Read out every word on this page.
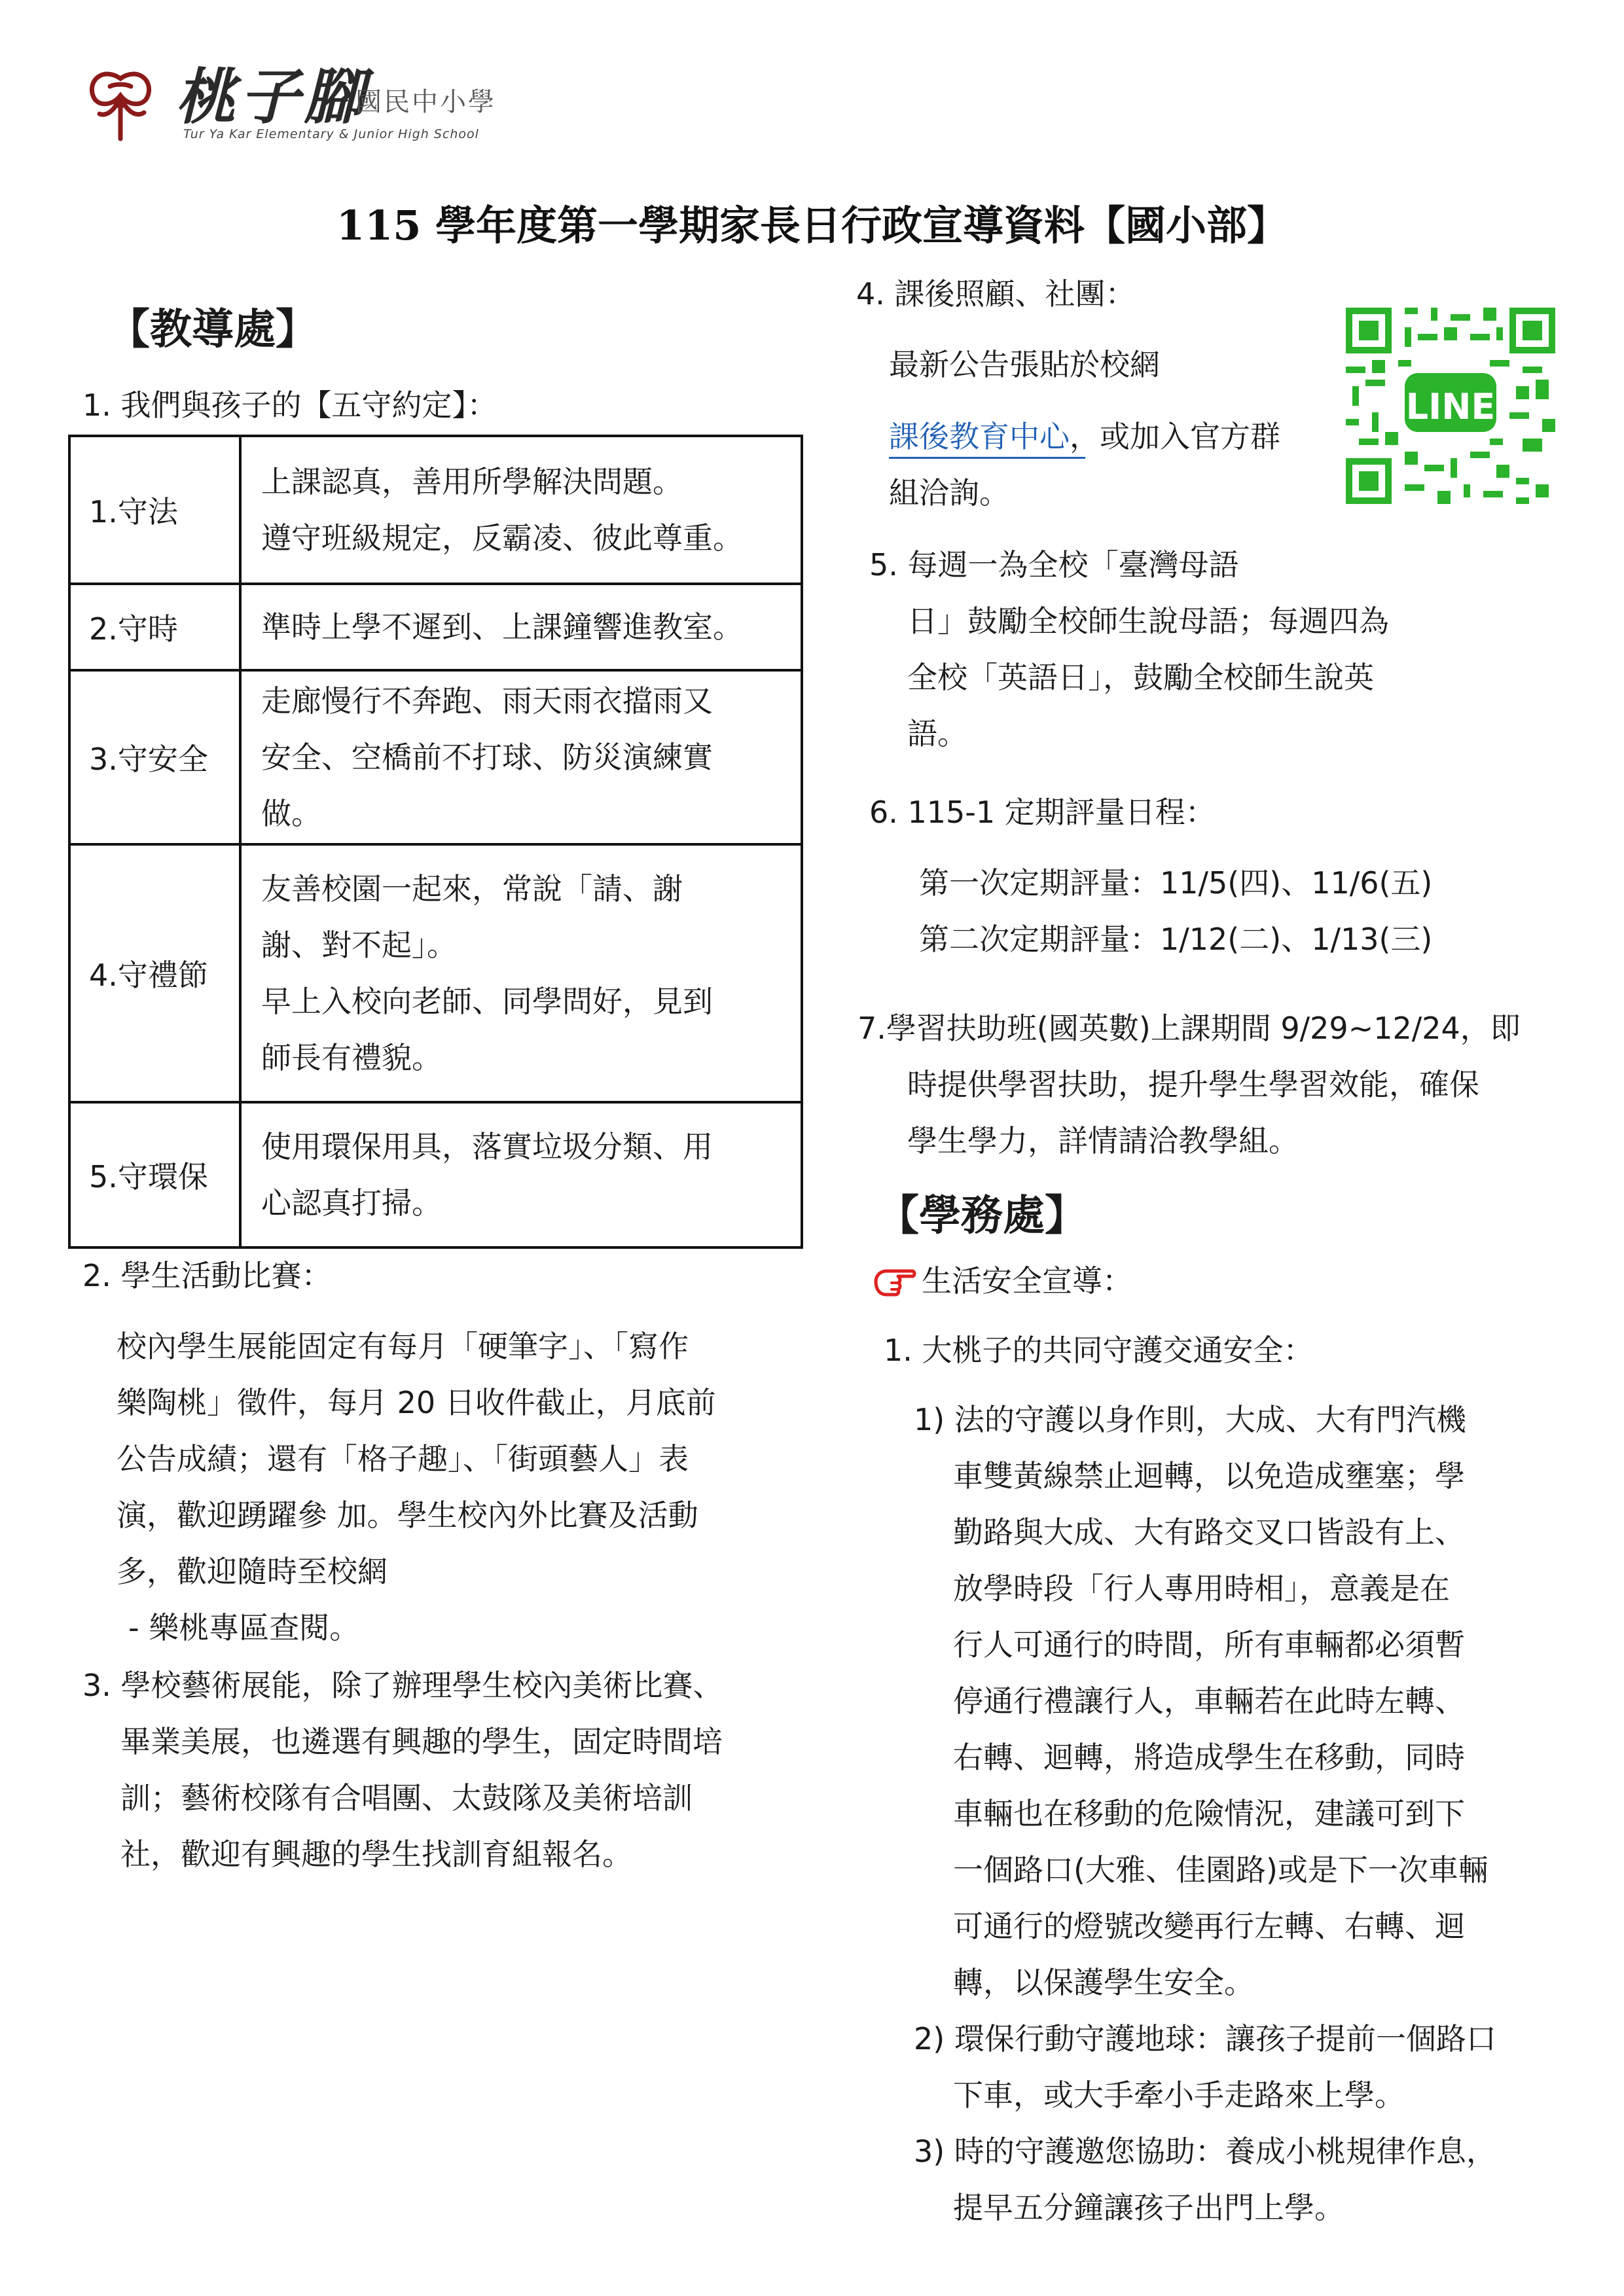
桃子腳
國民中小學
Tur Ya Kar Elementary & Junior High School
115 學年度第一學期家長日行政宣導資料【國小部】
【教導處】
1. 我們與孩子的【五守約定】：
1.守法	上課認真，善用所學解決問題。
遵守班級規定，反霸凌、彼此尊重。

2.守時	準時上學不遲到、上課鐘響進教室。

3.守安全	走廊慢行不奔跑、雨天雨衣擋雨又
安全、空橋前不打球、防災演練實
做。

4.守禮節	友善校園一起來，常說「請、謝
謝、對不起」。
早上入校向老師、同學問好，見到
師長有禮貌。

5.守環保	使用環保用具，落實垃圾分類、用
心認真打掃。
2. 學生活動比賽：
校內學生展能固定有每月「硬筆字」、「寫作
樂陶桃」徵件，每月 20 日收件截止，月底前
公告成績；還有「格子趣」、「街頭藝人」表
演，歡迎踴躍參 加。學生校內外比賽及活動
多，歡迎隨時至校網
- 樂桃專區查閱。
3. 學校藝術展能，除了辦理學生校內美術比賽、
畢業美展，也遴選有興趣的學生，固定時間培
訓；藝術校隊有合唱團、太鼓隊及美術培訓
社，歡迎有興趣的學生找訓育組報名。
4. 課後照顧、社團：
最新公告張貼於校網
課後教育中心，或加入官方群
組洽詢。
LINE
5. 每週一為全校「臺灣母語
日」鼓勵全校師生說母語；每週四為
全校「英語日」，鼓勵全校師生說英
語。
6. 115-1 定期評量日程：
第一次定期評量：11/5(四)、11/6(五)
第二次定期評量：1/12(二)、1/13(三)
7.學習扶助班(國英數)上課期間 9/29~12/24，即
時提供學習扶助，提升學生學習效能，確保
學生學力，詳情請洽教學組。
【學務處】
生活安全宣導：
1. 大桃子的共同守護交通安全：
1) 法的守護以身作則，大成、大有門汽機
車雙黃線禁止迴轉，以免造成壅塞；學
勤路與大成、大有路交叉口皆設有上、
放學時段「行人專用時相」，意義是在
行人可通行的時間，所有車輛都必須暫
停通行禮讓行人，車輛若在此時左轉、
右轉、迴轉，將造成學生在移動，同時
車輛也在移動的危險情況，建議可到下
一個路口(大雅、佳園路)或是下一次車輛
可通行的燈號改變再行左轉、右轉、迴
轉，以保護學生安全。
2) 環保行動守護地球：讓孩子提前一個路口
下車，或大手牽小手走路來上學。
3) 時的守護邀您協助：養成小桃規律作息，
提早五分鐘讓孩子出門上學。
